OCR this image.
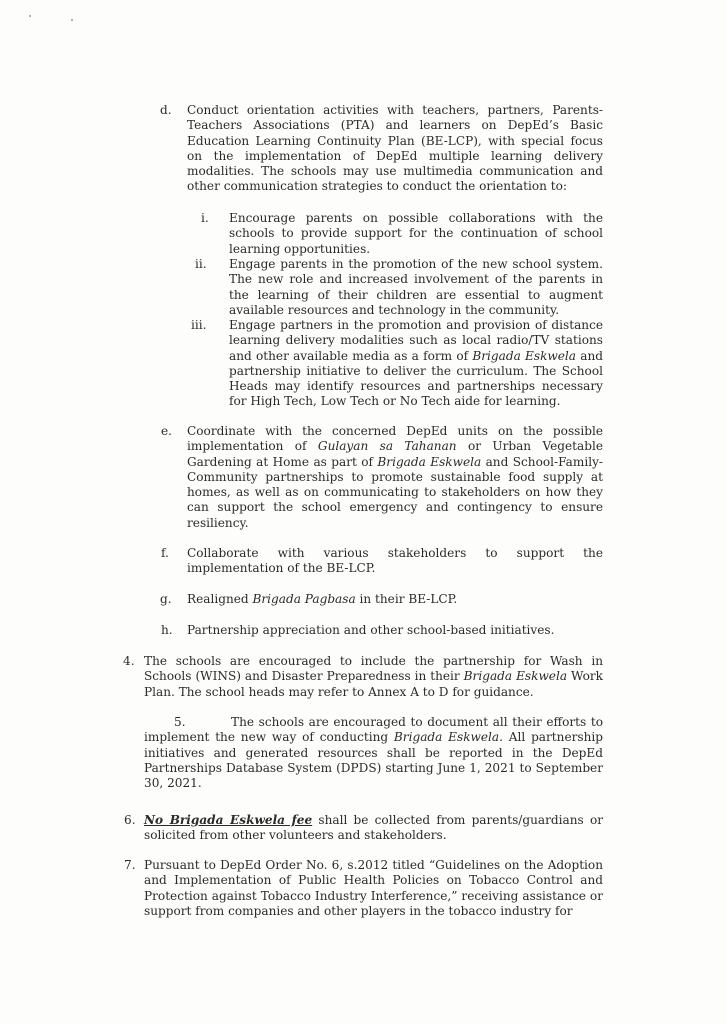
d. Conduct orientation activities with teachers, partners, Parents-Teachers Associations (PTA) and learners on DepEd’s Basic Education Learning Continuity Plan (BE-LCP), with special focus on the implementation of DepEd multiple learning delivery modalities. The schools may use multimedia communication and other communication strategies to conduct the orientation to:

i. Encourage parents on possible collaborations with the schools to provide support for the continuation of school learning opportunities.

ii. Engage parents in the promotion of the new school system. The new role and increased involvement of the parents in the learning of their children are essential to augment available resources and technology in the community.

iii. Engage partners in the promotion and provision of distance learning delivery modalities such as local radio/TV stations and other available media as a form of Brigada Eskwela and partnership initiative to deliver the curriculum. The School Heads may identify resources and partnerships necessary for High Tech, Low Tech or No Tech aide for learning.

e. Coordinate with the concerned DepEd units on the possible implementation of Gulayan sa Tahanan or Urban Vegetable Gardening at Home as part of Brigada Eskwela and School-Family-Community partnerships to promote sustainable food supply at homes, as well as on communicating to stakeholders on how they can support the school emergency and contingency to ensure resiliency.

f. Collaborate with various stakeholders to support the implementation of the BE-LCP.

g. Realigned Brigada Pagbasa in their BE-LCP.

h. Partnership appreciation and other school-based initiatives.

4. The schools are encouraged to include the partnership for Wash in Schools (WINS) and Disaster Preparedness in their Brigada Eskwela Work Plan. The school heads may refer to Annex A to D for guidance.

5.	The schools are encouraged to document all their efforts to implement the new way of conducting Brigada Eskwela. All partnership initiatives and generated resources shall be reported in the DepEd Partnerships Database System (DPDS) starting June 1, 2021 to September 30, 2021.

6. No Brigada Eskwela fee shall be collected from parents/guardians or solicited from other volunteers and stakeholders.

7. Pursuant to DepEd Order No. 6, s.2012 titled “Guidelines on the Adoption and Implementation of Public Health Policies on Tobacco Control and Protection against Tobacco Industry Interference,” receiving assistance or support from companies and other players in the tobacco industry for
